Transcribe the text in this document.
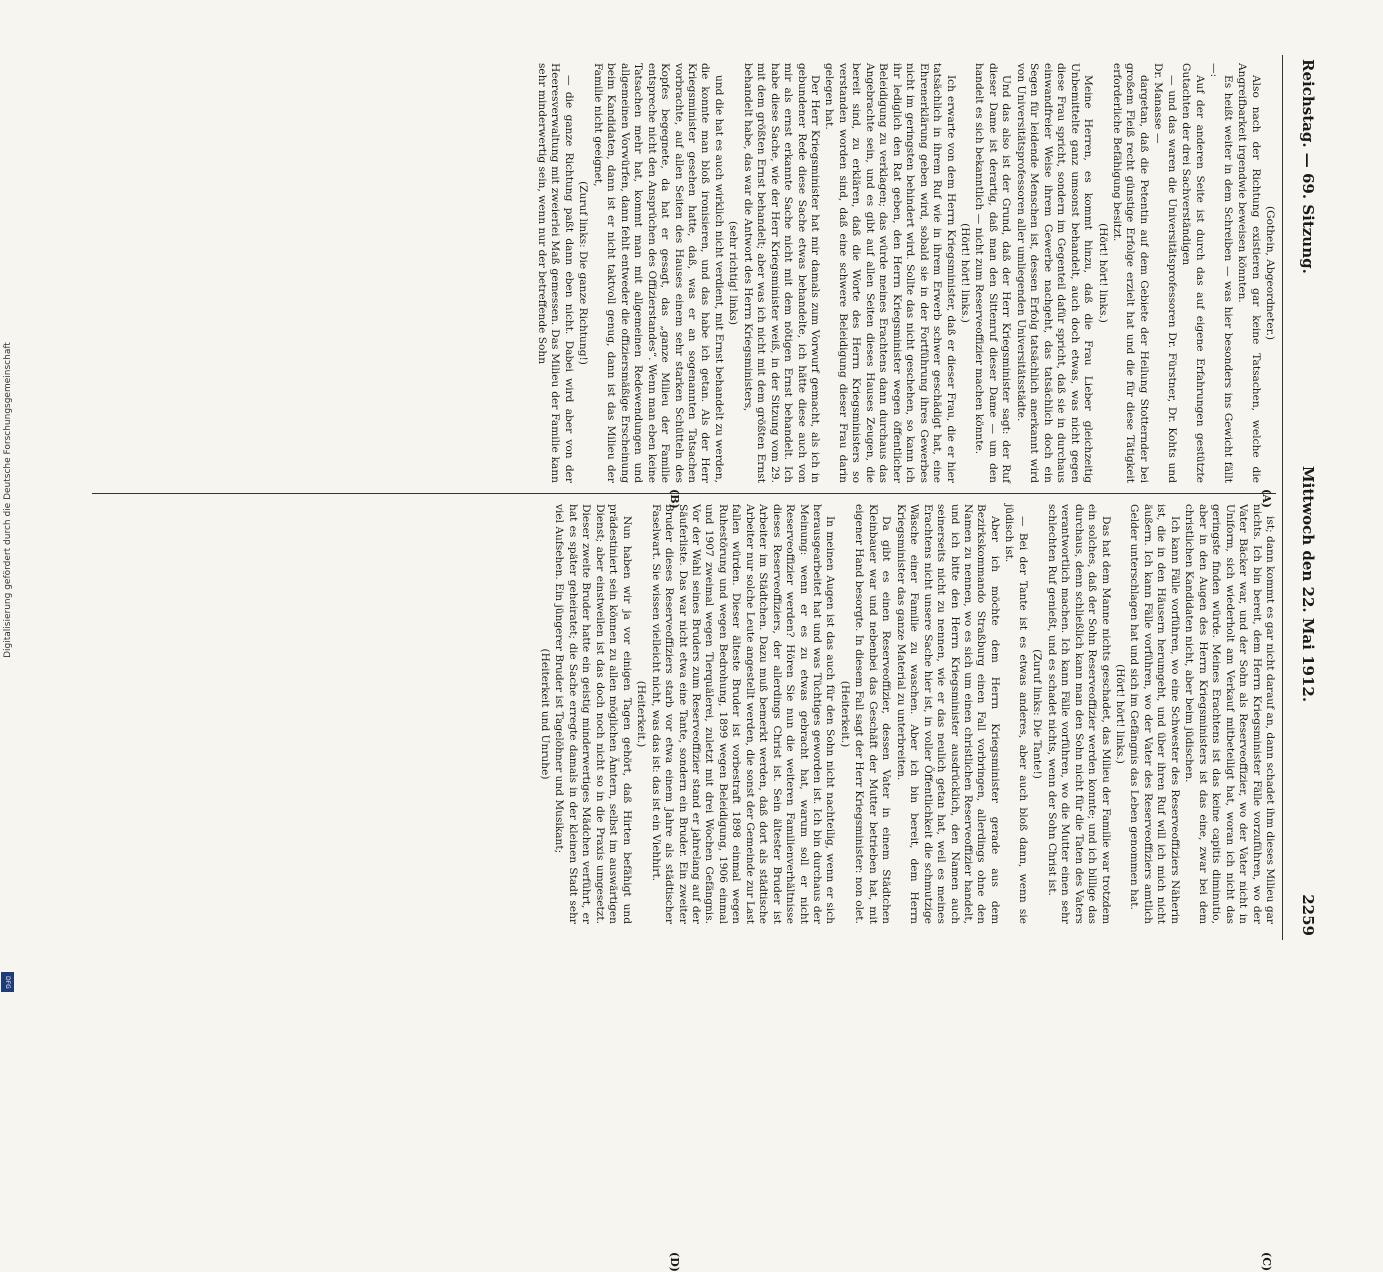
Digitalisierung gefördert durch die Deutsche Forschungsgemeinschaft
DFG
Reichstag. — 69. Sitzung.
Mittwoch den 22. Mai 1912.
2259

(Gothein, Abgeordneter.)

Also nach der Richtung existieren gar keine Tatsachen, welche die Angreifbarkeit irgendwie beweisen könnten.

Es heißt weiter in dem Schreiben — was hier besonders ins Gewicht fällt —:

Auf der anderen Seite ist durch das auf eigene Erfahrungen gestützte Gutachten der drei Sachverständigen

— und das waren die Universitätsprofessoren Dr. Fürstner, Dr. Kohts und Dr. Manasse —

dargetan, daß die Petentin auf dem Gebiete der Heilung Stotternder bei großem Fleiß recht günstige Erfolge erzielt hat und die für diese Tätigkeit erforderliche Befähigung besitzt.

(Hört! hört! links.)

Meine Herren, es kommt hinzu, daß die Frau Lieber gleichzeitig Unbemittelte ganz umsonst behandelt, auch doch etwas, was nicht gegen diese Frau spricht, sondern im Gegenteil dafür spricht, daß sie in durchaus einwandfreier Weise ihrem Gewerbe nachgeht, das tatsächlich doch ein Segen für leidende Menschen ist, dessen Erfolg tatsächlich anerkannt wird von Universitätsprofessoren aller umliegenden Universitätsstädte.

Und das also ist der Grund, daß der Herr Kriegsminister sagt: der Ruf dieser Dame ist derartig, daß man den Sittenruf dieser Dame — um den handelt es sich bekanntlich — nicht zum Reserveoffizier machen könnte.

(Hört! hört! links.)

Ich erwarte von dem Herrn Kriegsminister, daß er dieser Frau, die er hier tatsächlich in ihrem Ruf wie in ihrem Erwerb schwer geschädigt hat, eine Ehrenerklärung geben wird, sobald sie in der Fortführung ihres Gewerbes nicht im geringsten behindert wird. Sollte das nicht geschehen, so kann ich ihr lediglich den Rat geben, den Herrn Kriegsminister wegen öffentlicher Beleidigung zu verklagen; das würde meines Erachtens dann durchaus das Angebrachte sein, und es gibt auf allen Seiten dieses Hauses Zeugen, die bereit sind, zu erklären, daß die Worte des Herrn Kriegsministers so verstanden worden sind, daß eine schwere Beleidigung dieser Frau darin gelegen hat.

Der Herr Kriegsminister hat mir damals zum Vorwurf gemacht, als ich in gebundener Rede diese Sache etwas behandelte, ich hätte diese auch von mir als ernst erkannte Sache nicht mit dem nötigen Ernst behandelt. Ich habe diese Sache, wie der Herr Kriegsminister weiß, in der Sitzung vom 29. mit dem größten Ernst behandelt; aber was ich nicht mit dem größten Ernst behandelt habe, das war die Antwort des Herrn Kriegsministers,

(sehr richtig! links)

und die hat es auch wirklich nicht verdient, mit Ernst behandelt zu werden, die konnte man bloß ironisieren, und das habe ich getan. Als der Herr Kriegsminister gesehen hatte, daß, was er an sogenannten Tatsachen vorbrachte, auf allen Seiten des Hauses einem sehr starken Schütteln des Kopfes begegnete, da hat er gesagt, das „ganze Milieu der Familie entspreche nicht den Ansprüchen des Offizierstandes“. Wenn man eben keine Tatsachen mehr hat, kommt man mit allgemeinen Redewendungen und allgemeinen Vorwürfen, dann fehlt entweder die offiziersmäßige Erscheinung beim Kandidaten, dann ist er nicht taktvoll genug, dann ist das Milieu der Familie nicht geeignet,

(Zuruf links: Die ganze Richtung!)

— die ganze Richtung paßt dann eben nicht. Dabei wird aber von der Heeresverwaltung mit zweierlei Maß gemessen. Das Milieu der Familie kann sehr minderwertig sein, wenn nur der betreffende Sohn

ist; dann kommt es gar nicht darauf an, dann schadet ihm dieses Milieu gar nichts. Ich bin bereit, dem Herrn Kriegsminister Fälle vorzuführen, wo der Vater Bäcker war, und der Sohn als Reserveoffizier, wo der Vater nicht in Uniform, sich wiederholt am Verkauf mitbeteiligt hat, woran ich nicht das geringste finden würde. Meines Erachtens ist das keine capitis diminutio, aber in den Augen des Herrn Kriegsministers ist das eine, zwar bei dem christlichen Kandidaten nicht, aber beim jüdischen.

Ich kann Fälle vorführen, wo eine Schwester des Reserveoffiziers Näherin ist, die in den Häusern herumgeht, und über ihren Ruf will ich mich nicht äußern. Ich kann Fälle vorführen, wo der Vater des Reserveoffiziers amtlich Gelder unterschlagen hat und sich im Gefängnis das Leben genommen hat.

(Hört! hört! links.)

Das hat dem Manne nichts geschadet, das Milieu der Familie war trotzdem ein solches, daß der Sohn Reserveoffizier werden konnte; und ich billige das durchaus, denn schließlich kann man den Sohn nicht für die Taten des Vaters verantwortlich machen. Ich kann Fälle vorführen, wo die Mutter einen sehr schlechten Ruf genießt, und es schadet nichts, wenn der Sohn Christ ist.

(Zuruf links: Die Tante!)

— Bei der Tante ist es etwas anderes, aber auch bloß dann, wenn sie jüdisch ist.

Aber ich möchte dem Herrn Kriegsminister gerade aus dem Bezirkskommando Straßburg einen Fall vorbringen, allerdings ohne den Namen zu nennen, wo es sich um einen christlichen Reserveoffizier handelt, und ich bitte den Herrn Kriegsminister ausdrücklich, den Namen auch seinerseits nicht zu nennen, wie er das neulich getan hat, weil es meines Erachtens nicht unsere Sache hier ist, in voller Öffentlichkeit die schmutzige Wäsche einer Familie zu waschen. Aber ich bin bereit, dem Herrn Kriegsminister das ganze Material zu unterbreiten.

Da gibt es einen Reserveoffizier, dessen Vater in einem Städtchen Kleinbauer war und nebenbei das Geschäft der Mutter betrieben hat, mit eigener Hand besorgte. In diesem Fall sagt der Herr Kriegsminister: non olet.

(Heiterkeit.)

In meinen Augen ist das auch für den Sohn nicht nachteilig, wenn er sich herausgearbeitet hat und was Tüchtiges geworden ist. Ich bin durchaus der Meinung: wenn er es zu etwas gebracht hat, warum soll er nicht Reserveoffizier werden? Hören Sie nun die weiteren Familienverhältnisse dieses Reserveoffiziers, der allerdings Christ ist. Sein ältester Bruder ist Arbeiter im Städtchen. Dazu muß bemerkt werden, daß dort als städtische Arbeiter nur solche Leute angestellt werden, die sonst der Gemeinde zur Last fallen würden. Dieser älteste Bruder ist vorbestraft 1898 einmal wegen Ruhestörung und wegen Bedrohung, 1899 wegen Beleidigung, 1906 einmal und 1907 zweimal wegen Tierquälerei, zuletzt mit drei Wochen Gefängnis. Vor der Wahl seines Bruders zum Reserveoffizier stand er jahrelang auf der Säuferliste. Das war nicht etwa eine Tante, sondern ein Bruder. Ein zweiter Bruder dieses Reserveoffiziers starb vor etwa einem Jahre als städtischer Faselwart. Sie wissen vielleicht nicht, was das ist: das ist ein Viehhirt.

(Heiterkeit.)

Nun haben wir ja vor einigen Tagen gehört, daß Hirten befähigt und prädestiniert sein können zu allen möglichen Ämtern, selbst im auswärtigen Dienst; aber einstweilen ist das doch noch nicht so in die Praxis umgesetzt. Dieser zweite Bruder hatte ein geistig minderwertiges Mädchen verführt, er hat es später geheiratet; die Sache erregte damals in der kleinen Stadt sehr viel Aufsehen. Ein jüngerer Bruder ist Tagelöhner und Musikant;

(Heiterkeit und Unruhe)

(A)
(B)
(C)
(D)
